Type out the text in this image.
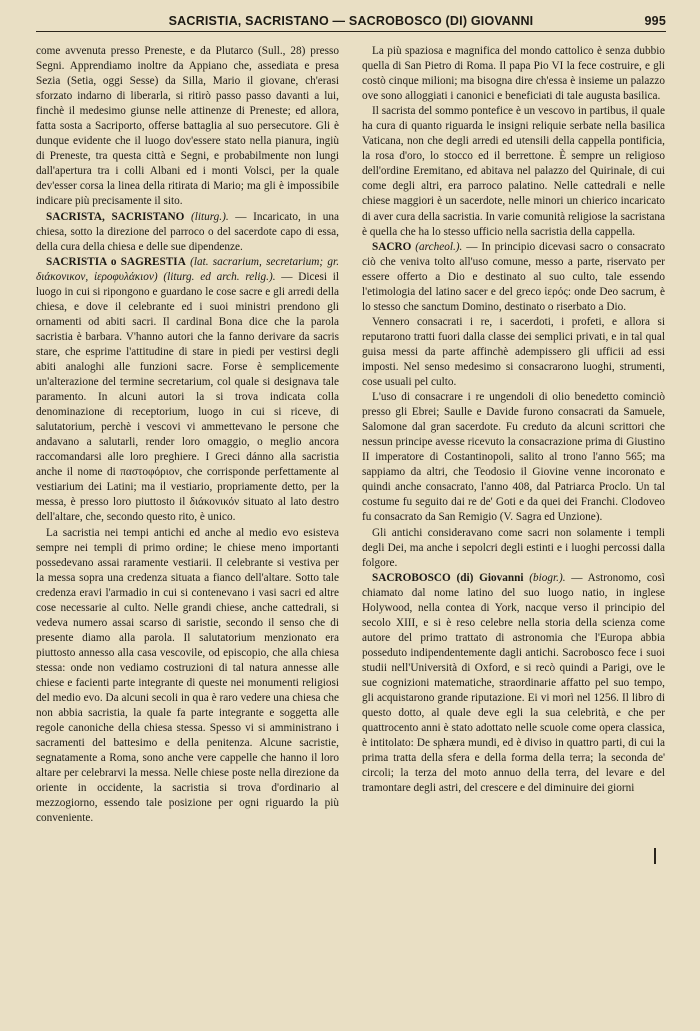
SACRISTIA, SACRISTANO — SACROBOSCO (DI) GIOVANNI	995

come avvenuta presso Preneste, e da Plutarco (Sull., 28) presso Segni. Apprendiamo inoltre da Appiano che, assediata e presa Sezia (Setia, oggi Sesse) da Silla, Mario il giovane, ch'erasi sforzato indarno di liberarla, si ritirò passo passo davanti a lui, finchè il medesimo giunse nelle attinenze di Preneste; ed allora, fatta sosta a Sacriporto, offerse battaglia al suo persecutore. Gli è dunque evidente che il luogo dov'essere stato nella pianura, ingiù di Preneste, tra questa città e Segni, e probabilmente non lungi dall'apertura tra i colli Albani ed i monti Volsci, per la quale dev'esser corsa la linea della ritirata di Mario; ma gli è impossibile indicare più precisamente il sito.

SACRISTA, SACRISTANO (liturg.). — Incaricato, in una chiesa, sotto la direzione del parroco o del sacerdote capo di essa, della cura della chiesa e delle sue dipendenze.

SACRISTIA o SAGRESTIA (lat. sacrarium, secretarium; gr. διάκονικον, ἱεροφυλάκιον) (liturg. ed arch. relig.). — Dicesi il luogo in cui si ripongono e guardano le cose sacre e gli arredi della chiesa, e dove il celebrante ed i suoi ministri prendono gli ornamenti od abiti sacri. Il cardinal Bona dice che la parola sacristia è barbara. V'hanno autori che la fanno derivare da sacris stare, che esprime l'attitudine di stare in piedi per vestirsi degli abiti analoghi alle funzioni sacre. Forse è semplicemente un'alterazione del termine secretarium, col quale si designava tale paramento. In alcuni autori la si trova indicata colla denominazione di receptorium, luogo in cui si riceve, di salutatorium, perchè i vescovi vi ammettevano le persone che andavano a salutarli, render loro omaggio, o meglio ancora raccomandarsi alle loro preghiere. I Greci dánno alla sacristia anche il nome di παστοφόριον, che corrisponde perfettamente al vestiarium dei Latini; ma il vestiario, propriamente detto, per la messa, è presso loro piuttosto il διάκονικόν situato al lato destro dell'altare, che, secondo questo rito, è unico.

La sacristia nei tempi antichi ed anche al medio evo esisteva sempre nei templi di primo ordine; le chiese meno importanti possedevano assai raramente vestiarii. Il celebrante si vestiva per la messa sopra una credenza situata a fianco dell'altare. Sotto tale credenza eravi l'armadio in cui si contenevano i vasi sacri ed altre cose necessarie al culto. Nelle grandi chiese, anche cattedrali, si vedeva numero assai scarso di saristie, secondo il senso che di presente diamo alla parola. Il salutatorium menzionato era piuttosto annesso alla casa vescovile, od episcopio, che alla chiesa stessa: onde non vediamo costruzioni di tal natura annesse alle chiese e facienti parte integrante di queste nei monumenti religiosi del medio evo. Da alcuni secoli in qua è raro vedere una chiesa che non abbia sacristia, la quale fa parte integrante e soggetta alle regole canoniche della chiesa stessa. Spesso vi si amministrano i sacramenti del battesimo e della penitenza. Alcune sacristie, segnatamente a Roma, sono anche vere cappelle che hanno il loro altare per celebrarvi la messa. Nelle chiese poste nella direzione da oriente in occidente, la sacristia si trova d'ordinario al mezzogiorno, essendo tale posizione per ogni riguardo la più conveniente.

La più spaziosa e magnifica del mondo cattolico è senza dubbio quella di San Pietro di Roma. Il papa Pio VI la fece costruire, e gli costò cinque milioni; ma bisogna dire ch'essa è insieme un palazzo ove sono alloggiati i canonici e beneficiati di tale augusta basilica.

Il sacrista del sommo pontefice è un vescovo in partibus, il quale ha cura di quanto riguarda le insigni reliquie serbate nella basilica Vaticana, non che degli arredi ed utensili della cappella pontificia, la rosa d'oro, lo stocco ed il berrettone. È sempre un religioso dell'ordine Eremitano, ed abitava nel palazzo del Quirinale, di cui come degli altri, era parroco palatino. Nelle cattedrali e nelle chiese maggiori è un sacerdote, nelle minori un chierico incaricato di aver cura della sacristia. In varie comunità religiose la sacristana è quella che ha lo stesso ufficio nella sacristia della cappella.

SACRO (archeol.). — In principio dicevasi sacro o consacrato ciò che veniva tolto all'uso comune, messo a parte, riservato per essere offerto a Dio e destinato al suo culto, tale essendo l'etimologia del latino sacer e del greco ἱερός: onde Deo sacrum, è lo stesso che sanctum Domino, destinato o riserbato a Dio.

Vennero consacrati i re, i sacerdoti, i profeti, e allora si reputarono tratti fuori dalla classe dei semplici privati, e in tal qual guisa messi da parte affinchè adempissero gli ufficii ad essi imposti. Nel senso medesimo si consacrarono luoghi, strumenti, cose usuali pel culto.

L'uso di consacrare i re ungendoli di olio benedetto cominciò presso gli Ebrei; Saulle e Davide furono consacrati da Samuele, Salomone dal gran sacerdote. Fu creduto da alcuni scrittori che nessun principe avesse ricevuto la consacrazione prima di Giustino II imperatore di Costantinopoli, salito al trono l'anno 565; ma sappiamo da altri, che Teodosio il Giovine venne incoronato e quindi anche consacrato, l'anno 408, dal Patriarca Proclo. Un tal costume fu seguito dai re de' Goti e da quei dei Franchi. Clodoveo fu consacrato da San Remigio (V. Sagra ed Unzione).

Gli antichi consideravano come sacri non solamente i templi degli Dei, ma anche i sepolcri degli estinti e i luoghi percossi dalla folgore.

SACROBOSCO (di) Giovanni (biogr.). — Astronomo, così chiamato dal nome latino del suo luogo natio, in inglese Holywood, nella contea di York, nacque verso il principio del secolo XIII, e si è reso celebre nella storia della scienza come autore del primo trattato di astronomia che l'Europa abbia posseduto indipendentemente dagli antichi. Sacrobosco fece i suoi studii nell'Università di Oxford, e si recò quindi a Parigi, ove le sue cognizioni matematiche, straordinarie affatto pel suo tempo, gli acquistarono grande riputazione. Ei vi morì nel 1256. Il libro di questo dotto, al quale deve egli la sua celebrità, e che per quattrocento anni è stato adottato nelle scuole come opera classica, è intitolato: De sphæra mundi, ed è diviso in quattro parti, di cui la prima tratta della sfera e della forma della terra; la seconda de' circoli; la terza del moto annuo della terra, del levare e del tramontare degli astri, del crescere e del diminuire dei giorni
